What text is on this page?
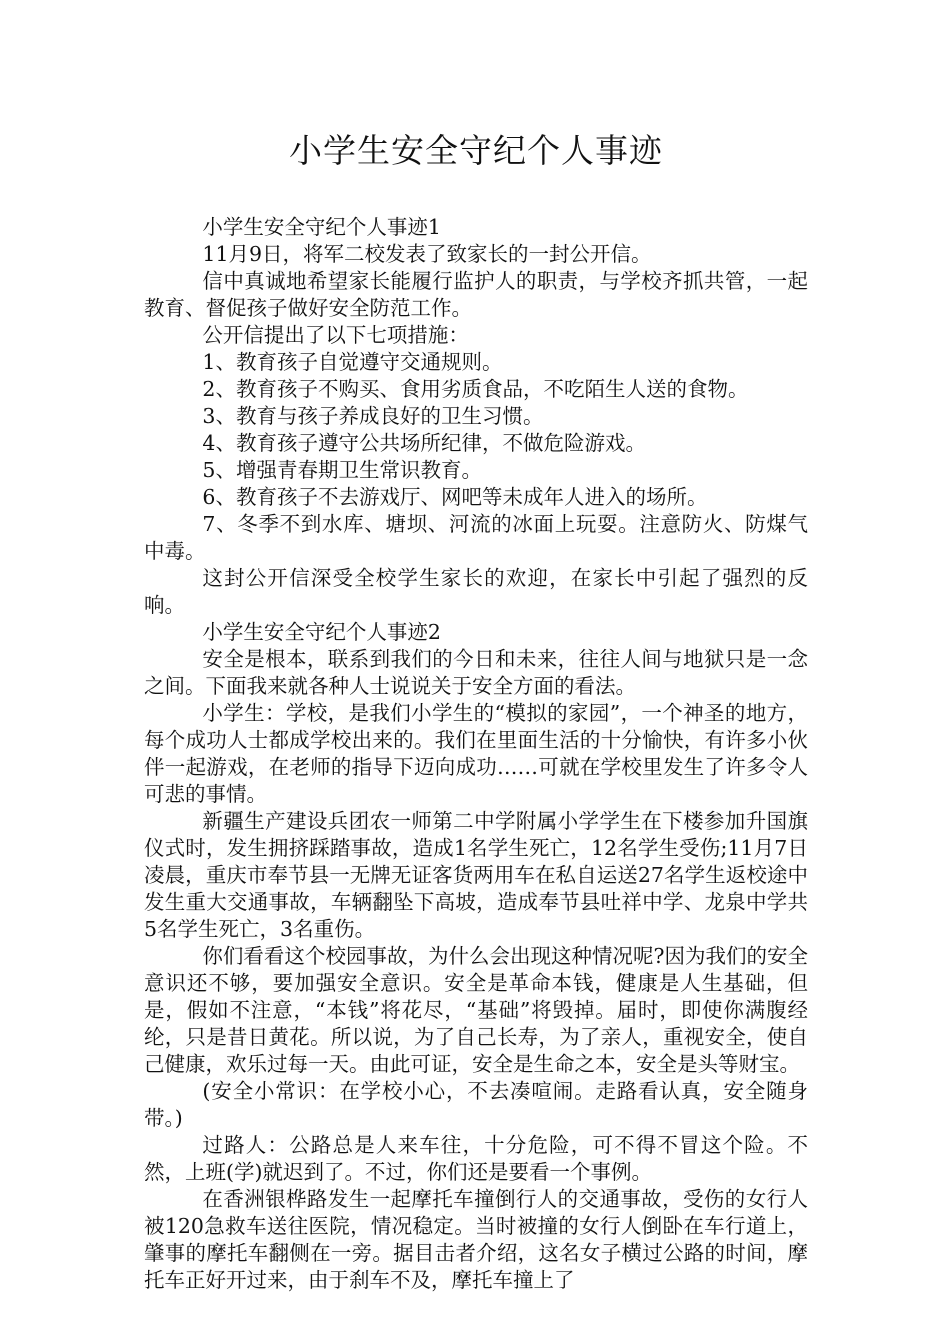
小学生安全守纪个人事迹

小学生安全守纪个人事迹1

11月9日，将军二校发表了致家长的一封公开信。

信中真诚地希望家长能履行监护人的职责，与学校齐抓共管，一起教育、督促孩子做好安全防范工作。

公开信提出了以下七项措施：

1、教育孩子自觉遵守交通规则。

2、教育孩子不购买、食用劣质食品，不吃陌生人送的食物。

3、教育与孩子养成良好的卫生习惯。

4、教育孩子遵守公共场所纪律，不做危险游戏。

5、增强青春期卫生常识教育。

6、教育孩子不去游戏厅、网吧等未成年人进入的场所。

7、冬季不到水库、塘坝、河流的冰面上玩耍。注意防火、防煤气中毒。

这封公开信深受全校学生家长的欢迎，在家长中引起了强烈的反响。

小学生安全守纪个人事迹2

安全是根本，联系到我们的今日和未来，往往人间与地狱只是一念之间。下面我来就各种人士说说关于安全方面的看法。

小学生：学校，是我们小学生的“模拟的家园”，一个神圣的地方，每个成功人士都成学校出来的。我们在里面生活的十分愉快，有许多小伙伴一起游戏，在老师的指导下迈向成功……可就在学校里发生了许多令人可悲的事情。

新疆生产建设兵团农一师第二中学附属小学学生在下楼参加升国旗仪式时，发生拥挤踩踏事故，造成1名学生死亡，12名学生受伤;11月7日凌晨，重庆市奉节县一无牌无证客货两用车在私自运送27名学生返校途中发生重大交通事故，车辆翻坠下高坡，造成奉节县吐祥中学、龙泉中学共5名学生死亡，3名重伤。

你们看看这个校园事故，为什么会出现这种情况呢?因为我们的安全意识还不够，要加强安全意识。安全是革命本钱，健康是人生基础，但是，假如不注意，“本钱”将花尽，“基础”将毁掉。届时，即使你满腹经纶，只是昔日黄花。所以说，为了自己长寿，为了亲人，重视安全，使自己健康，欢乐过每一天。由此可证，安全是生命之本，安全是头等财宝。

(安全小常识：在学校小心，不去凑喧闹。走路看认真，安全随身带。)

过路人：公路总是人来车往，十分危险，可不得不冒这个险。不然，上班(学)就迟到了。不过，你们还是要看一个事例。

在香洲银桦路发生一起摩托车撞倒行人的交通事故，受伤的女行人被120急救车送往医院，情况稳定。当时被撞的女行人倒卧在车行道上，肇事的摩托车翻侧在一旁。据目击者介绍，这名女子横过公路的时间，摩托车正好开过来，由于刹车不及，摩托车撞上了
